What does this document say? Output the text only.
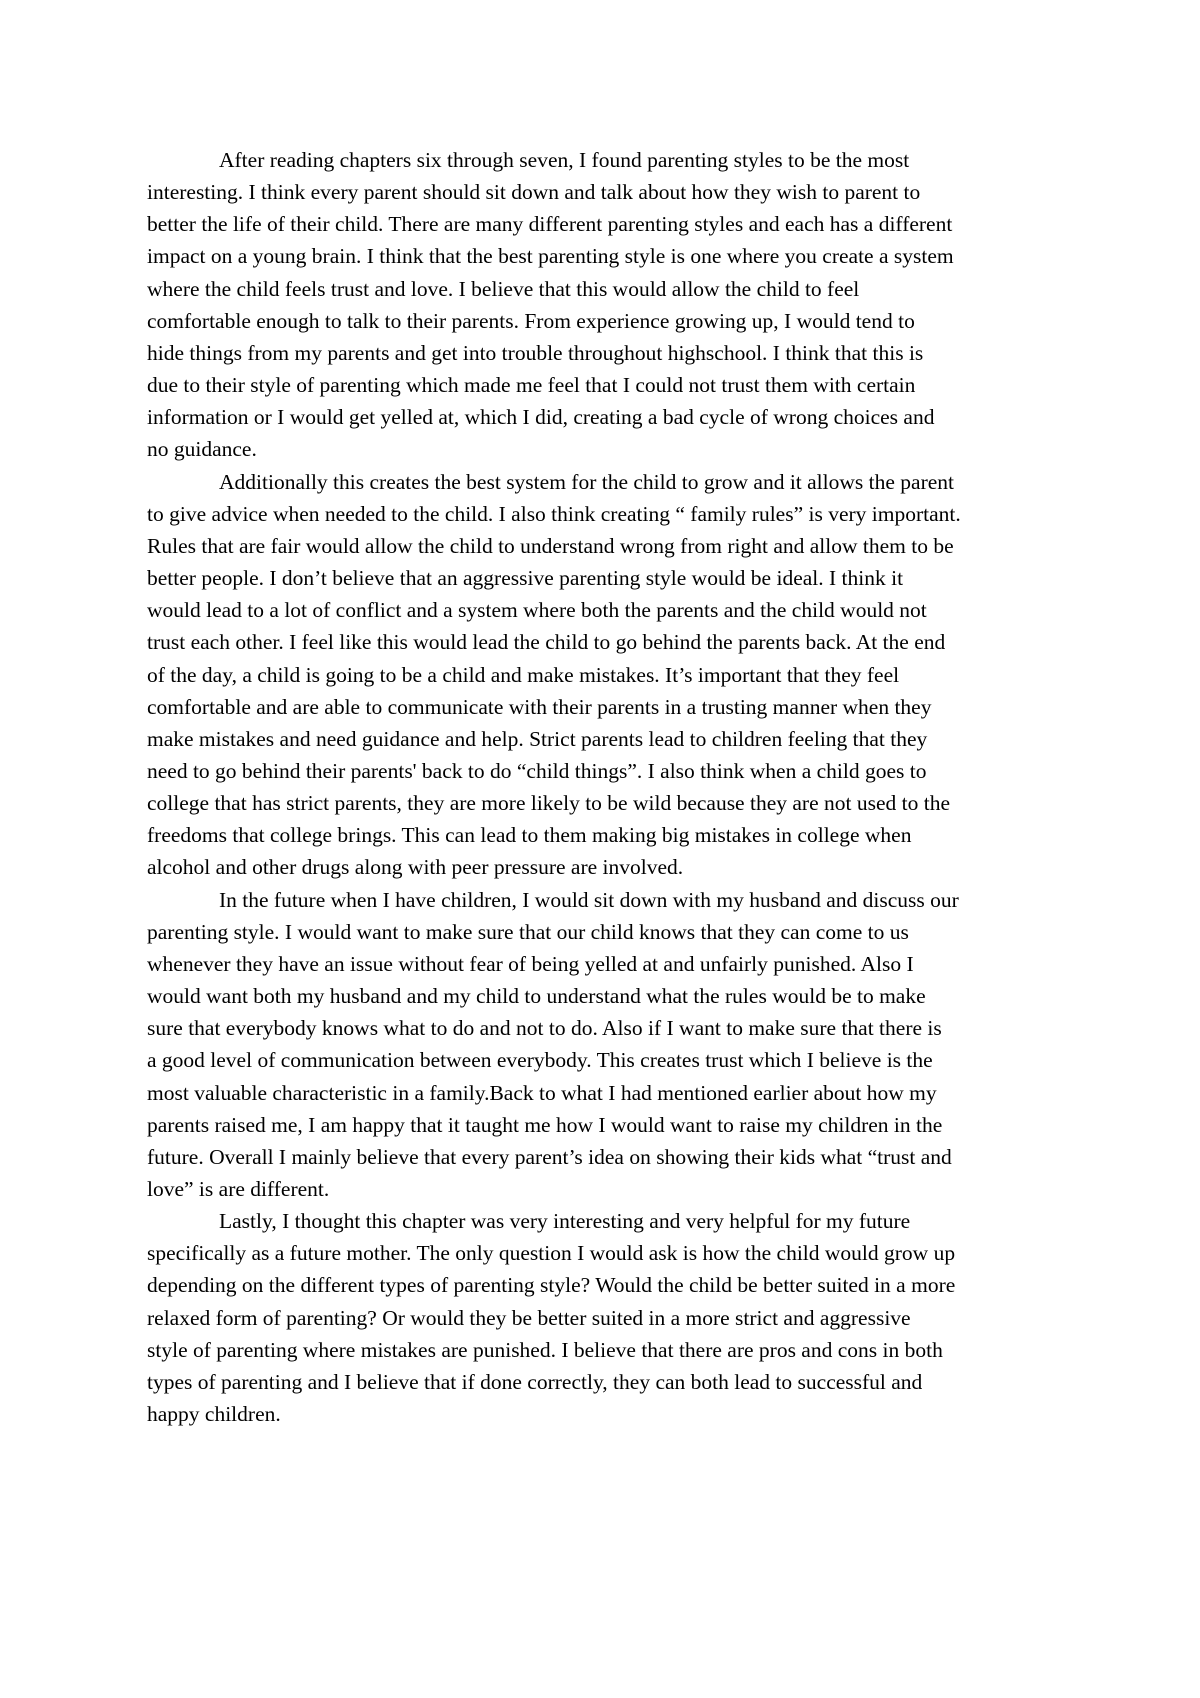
After reading chapters six through seven, I found parenting styles to be the most
interesting. I think every parent should sit down and talk about how they wish to parent to
better the life of their child. There are many different parenting styles and each has a different
impact on a young brain. I think that the best parenting style is one where you create a system
where the child feels trust and love. I believe that this would allow the child to feel
comfortable enough to talk to their parents. From experience growing up, I would tend to
hide things from my parents and get into trouble throughout highschool. I think that this is
due to their style of parenting which made me feel that I could not trust them with certain
information or I would get yelled at, which I did, creating a bad cycle of wrong choices and
no guidance.

Additionally this creates the best system for the child to grow and it allows the parent
to give advice when needed to the child. I also think creating “ family rules” is very important.
Rules that are fair would allow the child to understand wrong from right and allow them to be
better people. I don’t believe that an aggressive parenting style would be ideal. I think it
would lead to a lot of conflict and a system where both the parents and the child would not
trust each other. I feel like this would lead the child to go behind the parents back. At the end
of the day, a child is going to be a child and make mistakes. It’s important that they feel
comfortable and are able to communicate with their parents in a trusting manner when they
make mistakes and need guidance and help. Strict parents lead to children feeling that they
need to go behind their parents' back to do “child things”. I also think when a child goes to
college that has strict parents, they are more likely to be wild because they are not used to the
freedoms that college brings. This can lead to them making big mistakes in college when
alcohol and other drugs along with peer pressure are involved.

In the future when I have children, I would sit down with my husband and discuss our
parenting style. I would want to make sure that our child knows that they can come to us
whenever they have an issue without fear of being yelled at and unfairly punished. Also I
would want both my husband and my child to understand what the rules would be to make
sure that everybody knows what to do and not to do. Also if I want to make sure that there is
a good level of communication between everybody. This creates trust which I believe is the
most valuable characteristic in a family.Back to what I had mentioned earlier about how my
parents raised me, I am happy that it taught me how I would want to raise my children in the
future. Overall I mainly believe that every parent’s idea on showing their kids what “trust and
love” is are different.

Lastly, I thought this chapter was very interesting and very helpful for my future
specifically as a future mother. The only question I would ask is how the child would grow up
depending on the different types of parenting style? Would the child be better suited in a more
relaxed form of parenting? Or would they be better suited in a more strict and aggressive
style of parenting where mistakes are punished. I believe that there are pros and cons in both
types of parenting and I believe that if done correctly, they can both lead to successful and
happy children.
